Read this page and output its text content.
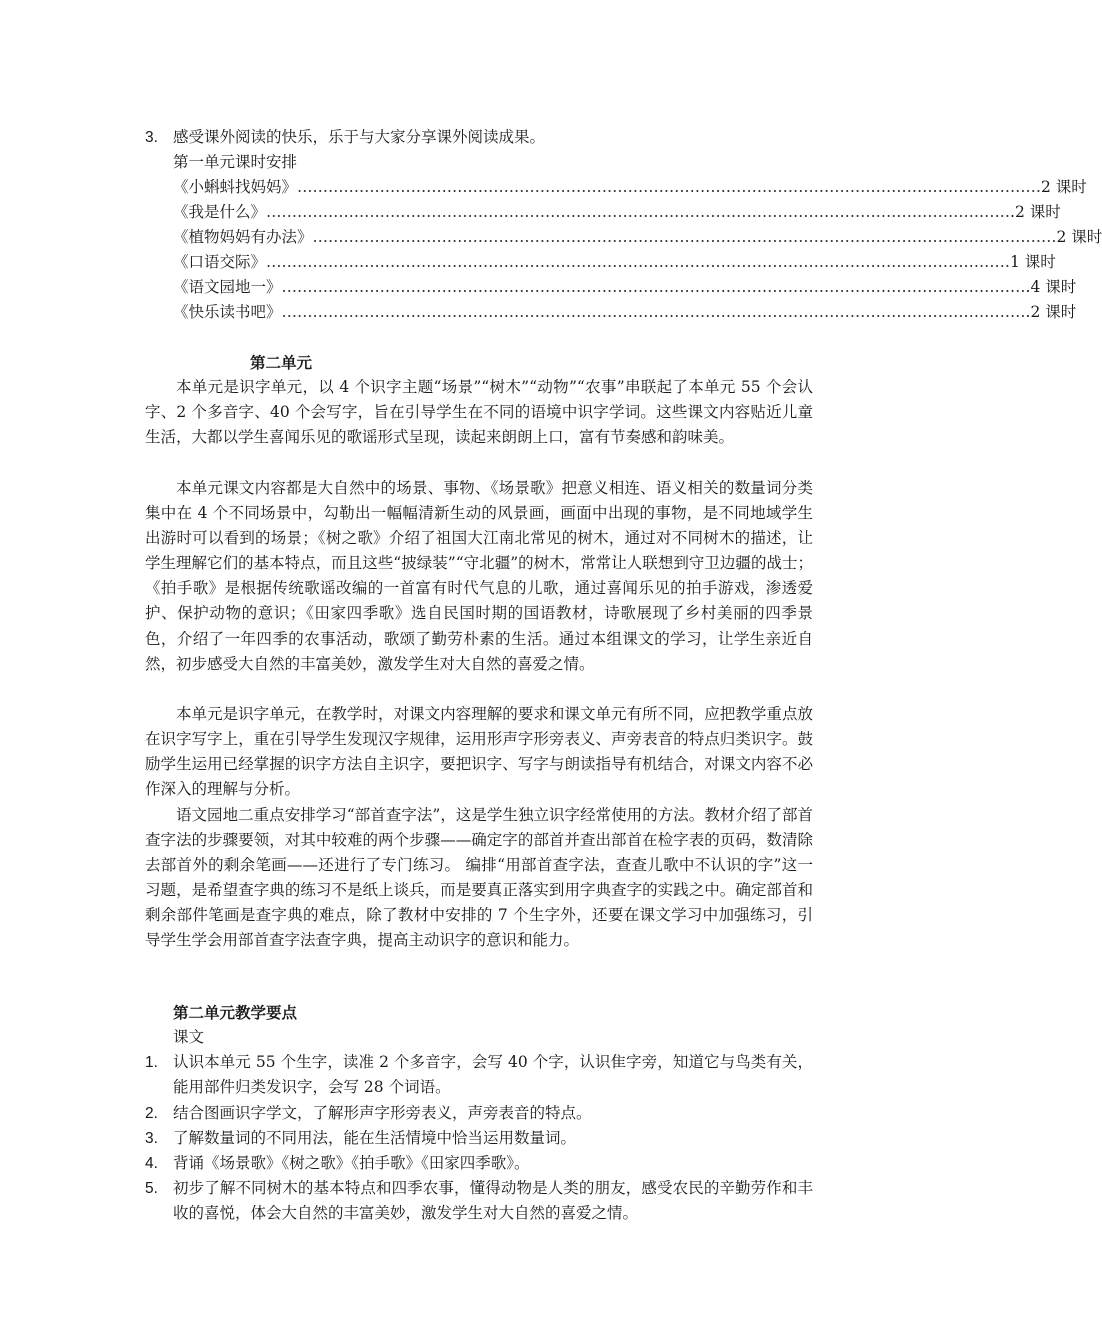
3. 感受课外阅读的快乐，乐于与大家分享课外阅读成果。
第一单元课时安排
《小蝌蚪找妈妈》 ……………………………………………………………………………………………………………………………… 2 课时
《我是什么》 ……………………………………………………………………………………………………………………………… .2 课时
《植物妈妈有办法》 ……………………………………………………………………………………………………………………………… 2 课时
《口语交际》 ……………………………………………………………………………………………………………………………… 1 课时
《语文园地一》 ……………………………………………………………………………………………………………………………… .4 课时
《快乐读书吧》 ……………………………………………………………………………………………………………………………… .2 课时
第二单元
本单元是识字单元，以 4 个识字主题“场景”“树木”“动物”“农事”串联起了本单元 55 个会认字、2 个多音字、40 个会写字，旨在引导学生在不同的语境中识字学词。这些课文内容贴近儿童生活，大都以学生喜闻乐见的歌谣形式呈现，读起来朗朗上口，富有节奏感和韵味美。
本单元课文内容都是大自然中的场景、事物、《场景歌》把意义相连、语义相关的数量词分类集中在 4 个不同场景中，勾勒出一幅幅清新生动的风景画，画面中出现的事物，是不同地域学生出游时可以看到的场景；《树之歌》介绍了祖国大江南北常见的树木，通过对不同树木的描述，让学生理解它们的基本特点，而且这些“披绿装”“守北疆”的树木，常常让人联想到守卫边疆的战士；《拍手歌》是根据传统歌谣改编的一首富有时代气息的儿歌，通过喜闻乐见的拍手游戏，渗透爱护、保护动物的意识；《田家四季歌》选自民国时期的国语教材，诗歌展现了乡村美丽的四季景色，介绍了一年四季的农事活动，歌颂了勤劳朴素的生活。通过本组课文的学习，让学生亲近自然，初步感受大自然的丰富美妙，激发学生对大自然的喜爱之情。
本单元是识字单元，在教学时，对课文内容理解的要求和课文单元有所不同，应把教学重点放在识字写字上，重在引导学生发现汉字规律，运用形声字形旁表义、声旁表音的特点归类识字。鼓励学生运用已经掌握的识字方法自主识字，要把识字、写字与朗读指导有机结合，对课文内容不必作深入的理解与分析。
语文园地二重点安排学习“部首查字法”，这是学生独立识字经常使用的方法。教材介绍了部首查字法的步骤要领，对其中较难的两个步骤——确定字的部首并查出部首在检字表的页码，数清除去部首外的剩余笔画——还进行了专门练习。 编排“用部首查字法，查查儿歌中不认识的字”这一习题，是希望查字典的练习不是纸上谈兵，而是要真正落实到用字典查字的实践之中。确定部首和剩余部件笔画是查字典的难点，除了教材中安排的 7 个生字外，还要在课文学习中加强练习，引导学生学会用部首查字法查字典，提高主动识字的意识和能力。
第二单元教学要点
课文
1. 认识本单元 55 个生字，读准 2 个多音字，会写 40 个字，认识隹字旁，知道它与鸟类有关，能用部件归类发识字，会写 28 个词语。
2. 结合图画识字学文，了解形声字形旁表义，声旁表音的特点。
3. 了解数量词的不同用法，能在生活情境中恰当运用数量词。
4. 背诵《场景歌》《树之歌》《拍手歌》《田家四季歌》。
5. 初步了解不同树木的基本特点和四季农事，懂得动物是人类的朋友，感受农民的辛勤劳作和丰收的喜悦，体会大自然的丰富美妙，激发学生对大自然的喜爱之情。
